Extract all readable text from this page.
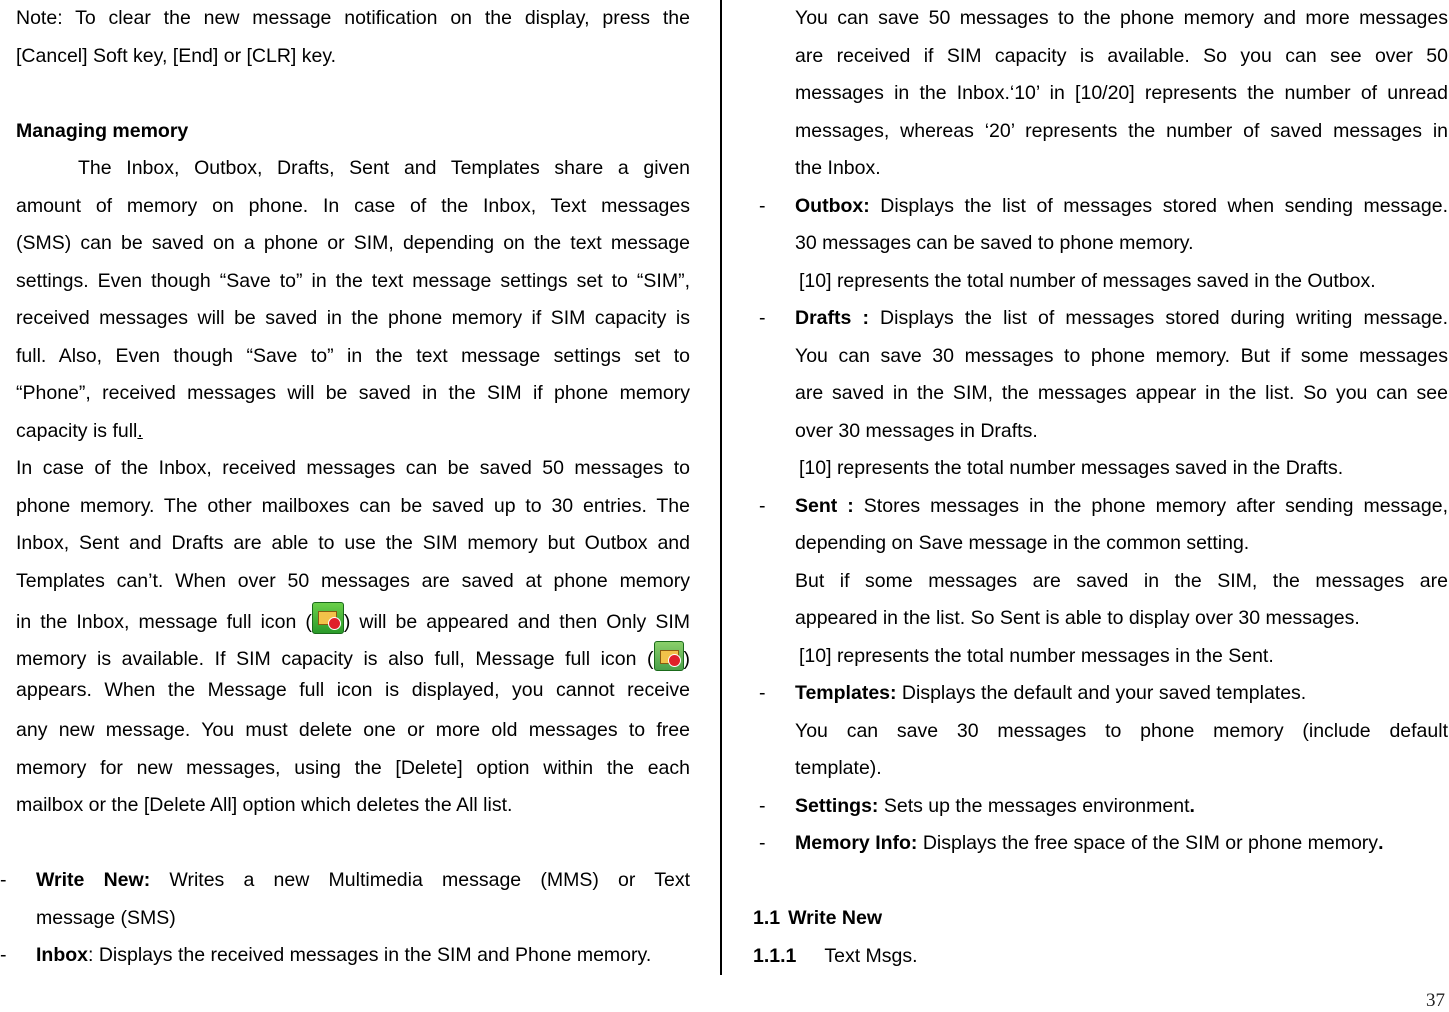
Note: To clear the new message notification on the display, press the
[Cancel] Soft key, [End] or [CLR] key.
Managing memory
The Inbox, Outbox, Drafts, Sent and Templates share a given
amount of memory on phone. In case of the Inbox, Text messages
(SMS) can be saved on a phone or SIM, depending on the text message
settings. Even though “Save to” in the text message settings set to “SIM”,
received messages will be saved in the phone memory if SIM capacity is
full. Also, Even though “Save to” in the text message settings set to
“Phone”, received messages will be saved in the SIM if phone memory
capacity is full.
In case of the Inbox, received messages can be saved 50 messages to
phone memory. The other mailboxes can be saved up to 30 entries. The
Inbox, Sent and Drafts are able to use the SIM memory but Outbox and
Templates can’t. When over 50 messages are saved at phone memory
in the Inbox, message full icon ( ) will be appeared and then Only SIM
memory is available. If SIM capacity is also full, Message full icon ( )
appears. When the Message full icon is displayed, you cannot receive
any new message. You must delete one or more old messages to free
memory for new messages, using the [Delete] option within the each
mailbox or the [Delete All] option which deletes the All list.
- Write New: Writes a new Multimedia message (MMS) or Text
message (SMS)
- Inbox: Displays the received messages in the SIM and Phone memory.
You can save 50 messages to the phone memory and more messages
are received if SIM capacity is available. So you can see over 50
messages in the Inbox.‘10’ in [10/20] represents the number of unread
messages, whereas ‘20’ represents the number of saved messages in
the Inbox.
- Outbox: Displays the list of messages stored when sending message.
30 messages can be saved to phone memory.
[10] represents the total number of messages saved in the Outbox.
- Drafts : Displays the list of messages stored during writing message.
You can save 30 messages to phone memory. But if some messages
are saved in the SIM, the messages appear in the list. So you can see
over 30 messages in Drafts.
[10] represents the total number messages saved in the Drafts.
- Sent : Stores messages in the phone memory after sending message,
depending on Save message in the common setting.
But if some messages are saved in the SIM, the messages are
appeared in the list. So Sent is able to display over 30 messages.
[10] represents the total number messages in the Sent.
- Templates: Displays the default and your saved templates.
You can save 30 messages to phone memory (include default
template).
- Settings: Sets up the messages environment.
- Memory Info: Displays the free space of the SIM or phone memory.
1.1 Write New
1.1.1 Text Msgs.
37
